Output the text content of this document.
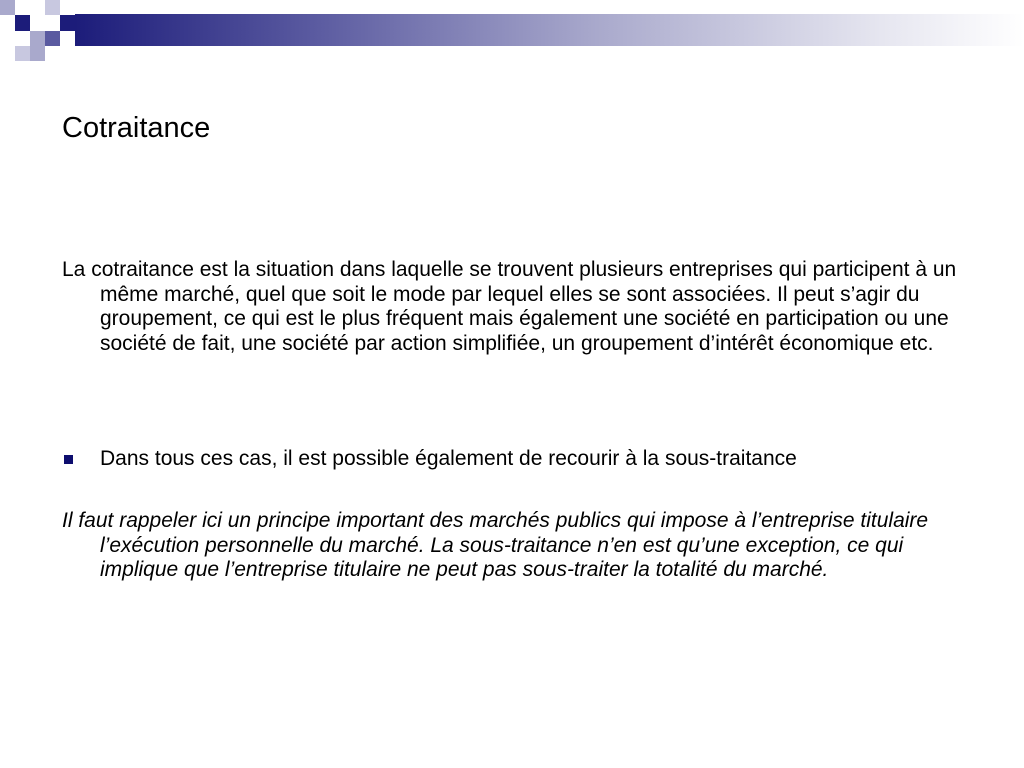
Cotraitance
La cotraitance est la situation dans laquelle se trouvent plusieurs entreprises qui participent à un même marché, quel que soit le mode par lequel elles se sont associées. Il peut s’agir du groupement, ce qui est le plus fréquent mais également une société en participation ou une société de fait, une société par action simplifiée, un groupement d’intérêt économique etc.
Dans tous ces cas, il est possible également de recourir à la sous-traitance
Il faut rappeler ici un principe important des marchés publics qui impose à l’entreprise titulaire l’exécution personnelle du marché. La sous-traitance n’en est qu’une exception, ce qui implique que l’entreprise titulaire ne peut pas sous-traiter la totalité du marché.
